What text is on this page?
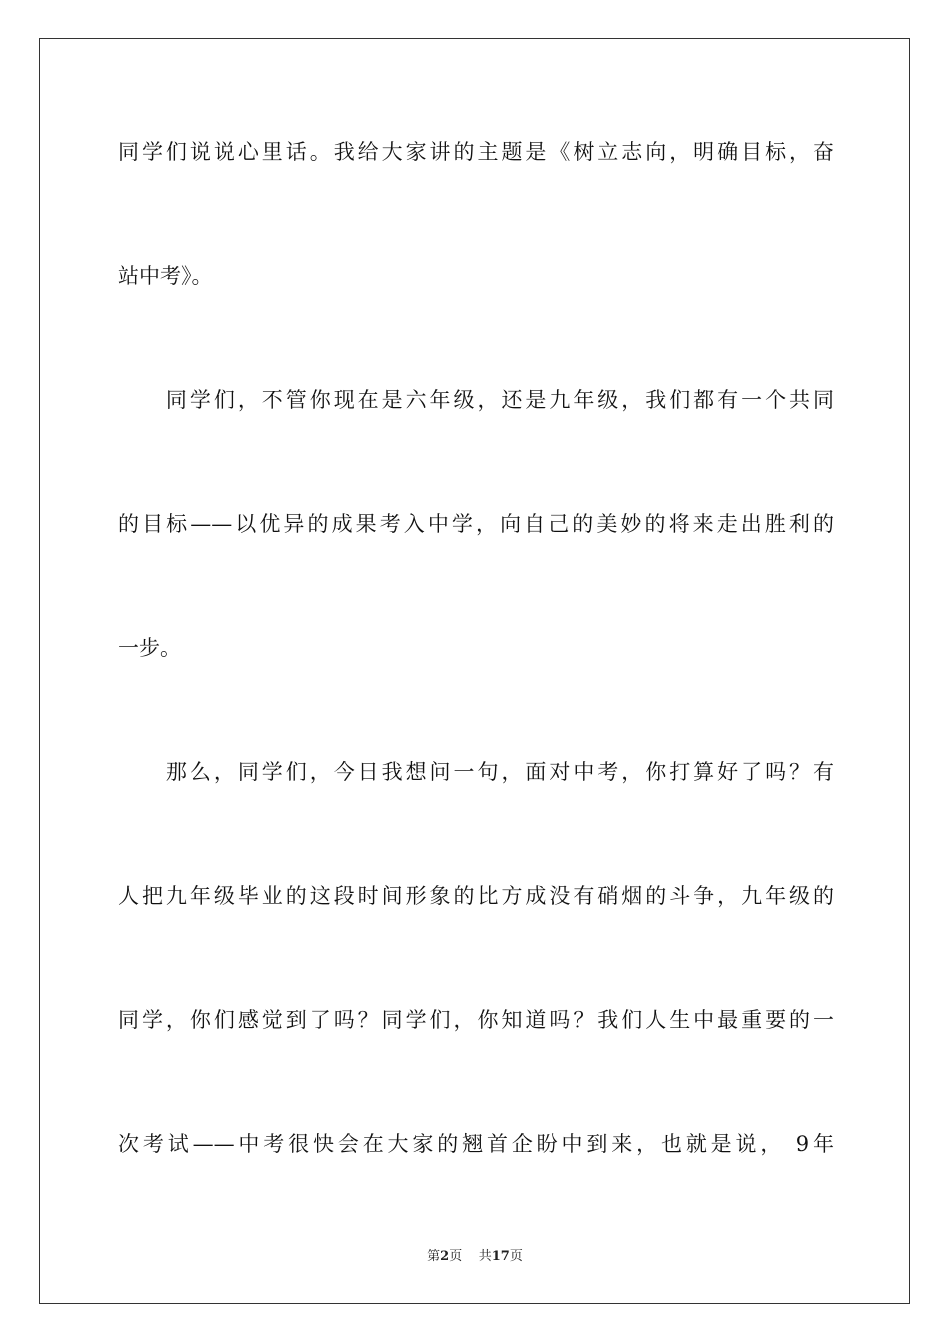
同学们说说心里话。我给大家讲的主题是《树立志向，明确目标，奋
站中考》。
　　同学们，不管你现在是六年级，还是九年级，我们都有一个共同
的目标——以优异的成果考入中学，向自己的美妙的将来走出胜利的
一步。
　　那么，同学们，今日我想问一句，面对中考，你打算好了吗？有
人把九年级毕业的这段时间形象的比方成没有硝烟的斗争，九年级的
同学，你们感觉到了吗？同学们，你知道吗？我们人生中最重要的一
次考试——中考很快会在大家的翘首企盼中到来，也就是说， 9年
第2页 共17页
